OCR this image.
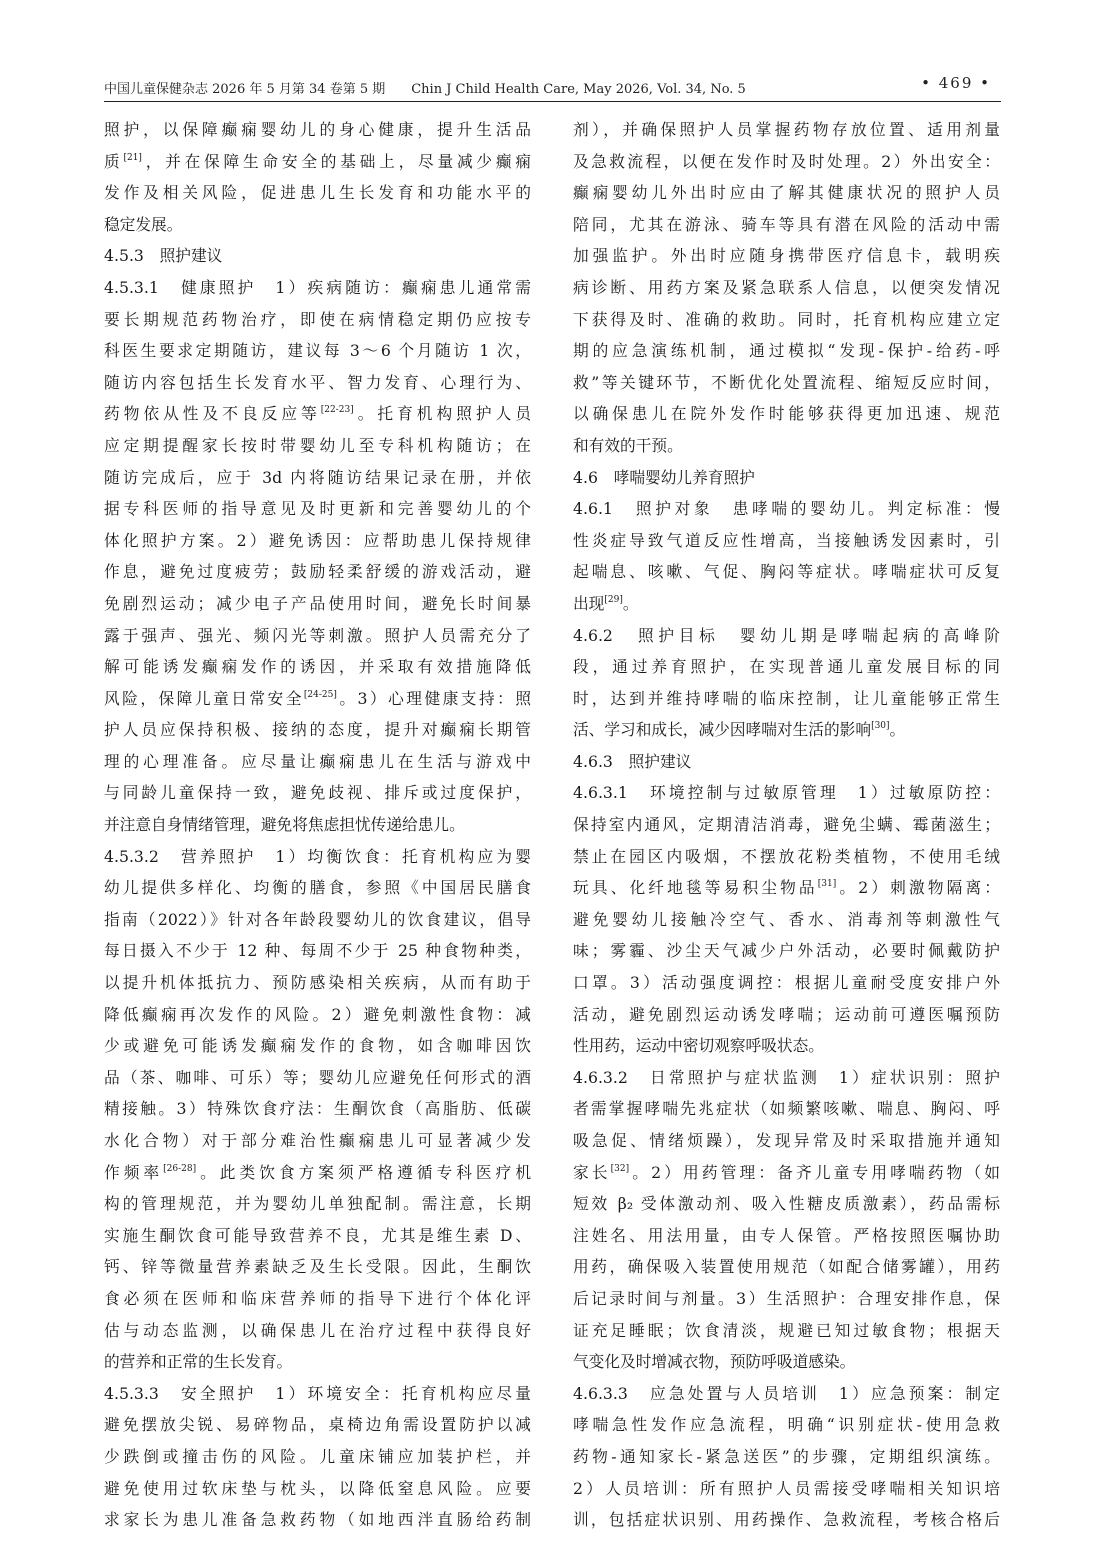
中国儿童保健杂志 2026 年 5 月第 34 卷第 5 期　　Chin J Child Health Care, May 2026, Vol. 34, No. 5	• 469 •
照护，以保障癫痫婴幼儿的身心健康，提升生活品
质[21]，并在保障生命安全的基础上，尽量减少癫痫
发作及相关风险，促进患儿生长发育和功能水平的
稳定发展。
4.5.3　照护建议
4.5.3.1　健康照护　1）疾病随访：癫痫患儿通常需
要长期规范药物治疗，即使在病情稳定期仍应按专
科医生要求定期随访，建议每 3～6 个月随访 1 次，
随访内容包括生长发育水平、智力发育、心理行为、
药物依从性及不良反应等[22-23]。托育机构照护人员
应定期提醒家长按时带婴幼儿至专科机构随访；在
随访完成后，应于 3d 内将随访结果记录在册，并依
据专科医师的指导意见及时更新和完善婴幼儿的个
体化照护方案。2）避免诱因：应帮助患儿保持规律
作息，避免过度疲劳；鼓励轻柔舒缓的游戏活动，避
免剧烈运动；减少电子产品使用时间，避免长时间暴
露于强声、强光、频闪光等刺激。照护人员需充分了
解可能诱发癫痫发作的诱因，并采取有效措施降低
风险，保障儿童日常安全[24-25]。3）心理健康支持：照
护人员应保持积极、接纳的态度，提升对癫痫长期管
理的心理准备。应尽量让癫痫患儿在生活与游戏中
与同龄儿童保持一致，避免歧视、排斥或过度保护，
并注意自身情绪管理，避免将焦虑担忧传递给患儿。
4.5.3.2　营养照护　1）均衡饮食：托育机构应为婴
幼儿提供多样化、均衡的膳食，参照《中国居民膳食
指南（2022）》针对各年龄段婴幼儿的饮食建议，倡导
每日摄入不少于 12 种、每周不少于 25 种食物种类，
以提升机体抵抗力、预防感染相关疾病，从而有助于
降低癫痫再次发作的风险。2）避免刺激性食物：减
少或避免可能诱发癫痫发作的食物，如含咖啡因饮
品（茶、咖啡、可乐）等；婴幼儿应避免任何形式的酒
精接触。3）特殊饮食疗法：生酮饮食（高脂肪、低碳
水化合物）对于部分难治性癫痫患儿可显著减少发
作频率[26-28]。此类饮食方案须严格遵循专科医疗机
构的管理规范，并为婴幼儿单独配制。需注意，长期
实施生酮饮食可能导致营养不良，尤其是维生素 D、
钙、锌等微量营养素缺乏及生长受限。因此，生酮饮
食必须在医师和临床营养师的指导下进行个体化评
估与动态监测，以确保患儿在治疗过程中获得良好
的营养和正常的生长发育。
4.5.3.3　安全照护　1）环境安全：托育机构应尽量
避免摆放尖锐、易碎物品，桌椅边角需设置防护以减
少跌倒或撞击伤的风险。儿童床铺应加装护栏，并
避免使用过软床垫与枕头，以降低窒息风险。应要
求家长为患儿准备急救药物（如地西泮直肠给药制
剂），并确保照护人员掌握药物存放位置、适用剂量
及急救流程，以便在发作时及时处理。2）外出安全：
癫痫婴幼儿外出时应由了解其健康状况的照护人员
陪同，尤其在游泳、骑车等具有潜在风险的活动中需
加强监护。外出时应随身携带医疗信息卡，载明疾
病诊断、用药方案及紧急联系人信息，以便突发情况
下获得及时、准确的救助。同时，托育机构应建立定
期的应急演练机制，通过模拟“发现-保护-给药-呼
救”等关键环节，不断优化处置流程、缩短反应时间，
以确保患儿在院外发作时能够获得更加迅速、规范
和有效的干预。
4.6　哮喘婴幼儿养育照护
4.6.1　照护对象　患哮喘的婴幼儿。判定标准：慢
性炎症导致气道反应性增高，当接触诱发因素时，引
起喘息、咳嗽、气促、胸闷等症状。哮喘症状可反复
出现[29]。
4.6.2　照护目标　婴幼儿期是哮喘起病的高峰阶
段，通过养育照护，在实现普通儿童发展目标的同
时，达到并维持哮喘的临床控制，让儿童能够正常生
活、学习和成长，减少因哮喘对生活的影响[30]。
4.6.3　照护建议
4.6.3.1　环境控制与过敏原管理　1）过敏原防控：
保持室内通风，定期清洁消毒，避免尘螨、霉菌滋生；
禁止在园区内吸烟，不摆放花粉类植物，不使用毛绒
玩具、化纤地毯等易积尘物品[31]。2）刺激物隔离：
避免婴幼儿接触冷空气、香水、消毒剂等刺激性气
味；雾霾、沙尘天气减少户外活动，必要时佩戴防护
口罩。3）活动强度调控：根据儿童耐受度安排户外
活动，避免剧烈运动诱发哮喘；运动前可遵医嘱预防
性用药，运动中密切观察呼吸状态。
4.6.3.2　日常照护与症状监测　1）症状识别：照护
者需掌握哮喘先兆症状（如频繁咳嗽、喘息、胸闷、呼
吸急促、情绪烦躁），发现异常及时采取措施并通知
家长[32]。2）用药管理：备齐儿童专用哮喘药物（如
短效 β₂ 受体激动剂、吸入性糖皮质激素），药品需标
注姓名、用法用量，由专人保管。严格按照医嘱协助
用药，确保吸入装置使用规范（如配合储雾罐），用药
后记录时间与剂量。3）生活照护：合理安排作息，保
证充足睡眠；饮食清淡，规避已知过敏食物；根据天
气变化及时增减衣物，预防呼吸道感染。
4.6.3.3　应急处置与人员培训　1）应急预案：制定
哮喘急性发作应急流程，明确“识别症状-使用急救
药物-通知家长-紧急送医”的步骤，定期组织演练。
2）人员培训：所有照护人员需接受哮喘相关知识培
训，包括症状识别、用药操作、急救流程，考核合格后
